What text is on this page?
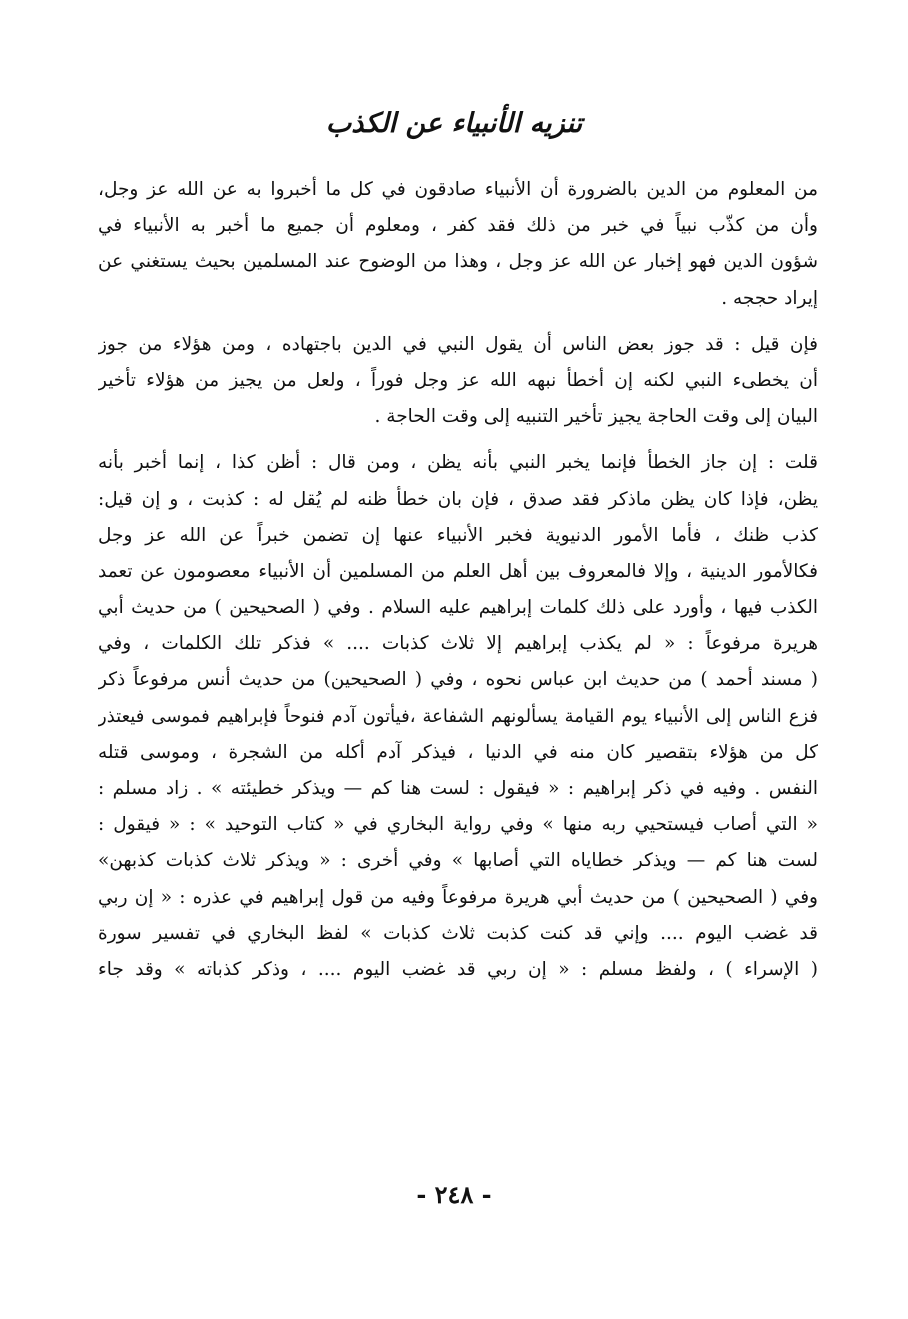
تنزيه الأنبياء عن الكذب
من المعلوم من الدين بالضرورة أن الأنبياء صادقون في كل ما أخبروا به عن الله عز وجل،
وأن من كذّب نبياً في خبر من ذلك فقد كفر ، ومعلوم أن جميع ما أخبر به الأنبياء في
شؤون الدين فهو إخبار عن الله عز وجل ، وهذا من الوضوح عند المسلمين بحيث يستغني عن
إيراد حججه .
فإن قيل : قد جوز بعض الناس أن يقول النبي في الدين باجتهاده ، ومن هؤلاء من جوز
أن يخطىء النبي لكنه إن أخطأ نبهه الله عز وجل فوراً ، ولعل من يجيز من هؤلاء تأخير
البيان إلى وقت الحاجة يجيز تأخير التنبيه إلى وقت الحاجة .
قلت : إن جاز الخطأ فإنما يخبر النبي بأنه يظن ، ومن قال : أظن كذا ، إنما أخبر بأنه
يظن، فإذا كان يظن ماذكر فقد صدق ، فإن بان خطأ ظنه لم يُقل له : كذبت ، و إن قيل:
كذب ظنك ، فأما الأمور الدنيوية فخبر الأنبياء عنها إن تضمن خبراً عن الله عز وجل
فكالأمور الدينية ، وإلا فالمعروف بين أهل العلم من المسلمين أن الأنبياء معصومون عن تعمد
الكذب فيها ، وأورد على ذلك كلمات إبراهيم عليه السلام . وفي ( الصحيحين ) من حديث أبي
هريرة مرفوعاً : « لم يكذب إبراهيم إلا ثلاث كذبات .... » فذكر تلك الكلمات ، وفي
( مسند أحمد ) من حديث ابن عباس نحوه ، وفي ( الصحيحين) من حديث أنس مرفوعاً ذكر
فزع الناس إلى الأنبياء يوم القيامة يسألونهم الشفاعة ،فيأتون آدم فنوحاً فإبراهيم فموسى فيعتذر
كل من هؤلاء بتقصير كان منه في الدنيا ، فيذكر آدم أكله من الشجرة ، وموسى قتله
النفس . وفيه في ذكر إبراهيم : « فيقول : لست هنا كم — ويذكر خطيئته » . زاد مسلم :
« التي أصاب فيستحيي ربه منها » وفي رواية البخاري في « كتاب التوحيد » : « فيقول :
لست هنا كم — ويذكر خطاياه التي أصابها » وفي أخرى : « ويذكر ثلاث كذبات كذبهن»
وفي ( الصحيحين ) من حديث أبي هريرة مرفوعاً وفيه من قول إبراهيم في عذره : « إن ربي
قد غضب اليوم .... وإني قد كنت كذبت ثلاث كذبات » لفظ البخاري في تفسير سورة
( الإسراء ) ، ولفظ مسلم : « إن ربي قد غضب اليوم .... ، وذكر كذباته » وقد جاء
- ٢٤٨ -
